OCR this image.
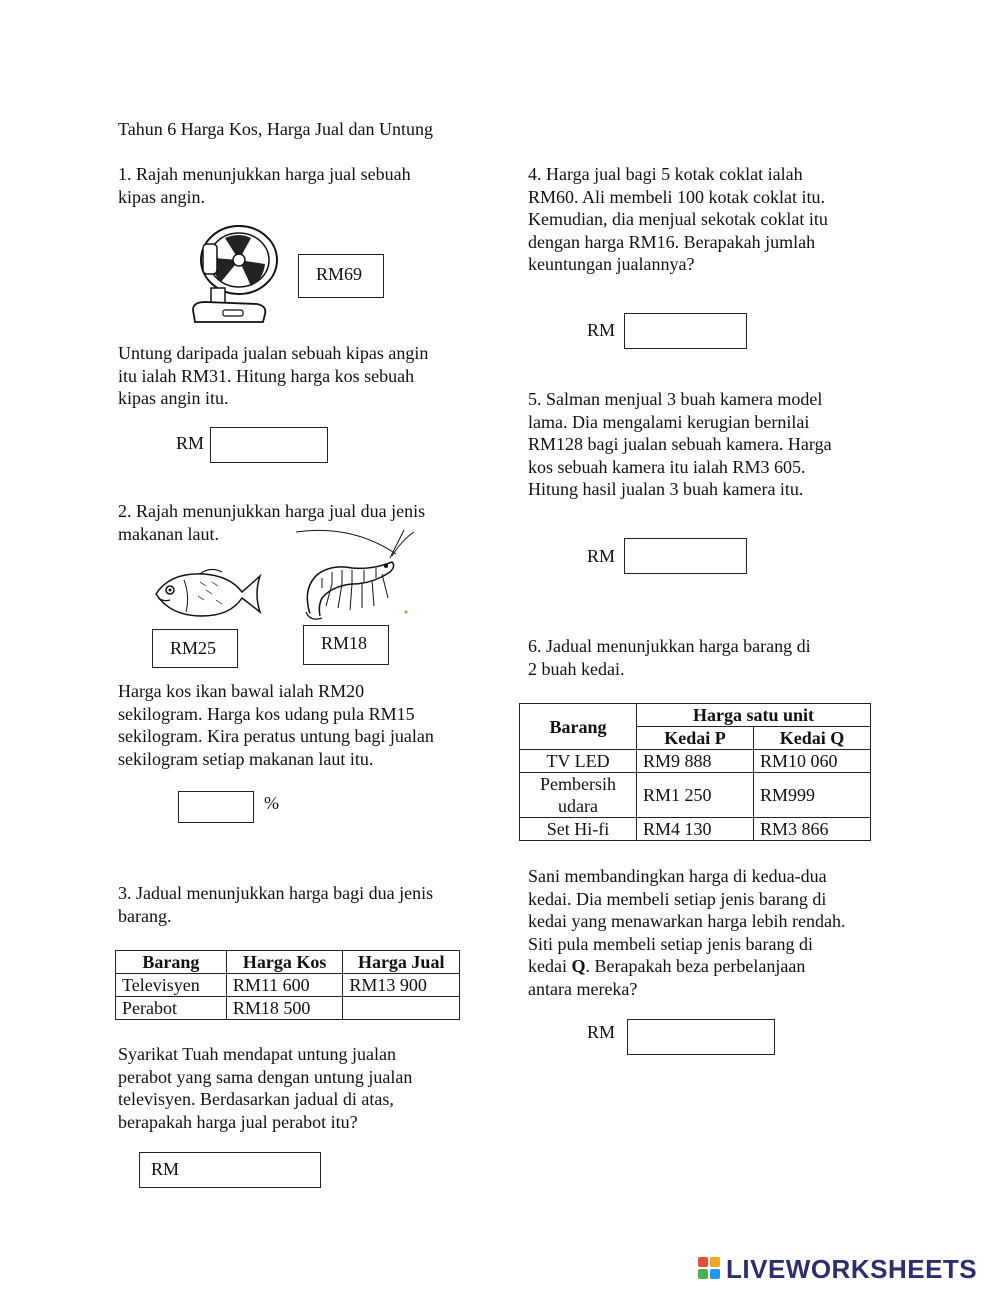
Tahun 6 Harga Kos, Harga Jual dan Untung
1. Rajah menunjukkan harga jual sebuah
kipas angin.
RM69
Untung daripada jualan sebuah kipas angin
itu ialah RM31. Hitung harga kos sebuah
kipas angin itu.
RM
2. Rajah menunjukkan harga jual dua jenis
makanan laut.
RM25	RM18
Harga kos ikan bawal ialah RM20
sekilogram. Harga kos udang pula RM15
sekilogram. Kira peratus untung bagi jualan
sekilogram setiap makanan laut itu.
%
3. Jadual menunjukkan harga bagi dua jenis
barang.
Barang	Harga Kos	Harga Jual
Televisyen	RM11 600	RM13 900
Perabot	RM18 500	
Syarikat Tuah mendapat untung jualan
perabot yang sama dengan untung jualan
televisyen. Berdasarkan jadual di atas,
berapakah harga jual perabot itu?
RM
4. Harga jual bagi 5 kotak coklat ialah
RM60. Ali membeli 100 kotak coklat itu.
Kemudian, dia menjual sekotak coklat itu
dengan harga RM16. Berapakah jumlah
keuntungan jualannya?
RM
5. Salman menjual 3 buah kamera model
lama. Dia mengalami kerugian bernilai
RM128 bagi jualan sebuah kamera. Harga
kos sebuah kamera itu ialah RM3 605.
Hitung hasil jualan 3 buah kamera itu.
RM
6. Jadual menunjukkan harga barang di
2 buah kedai.
Barang	Harga satu unit	
	Kedai P	Kedai Q
TV LED	RM9 888	RM10 060
Pembersih
udara	RM1 250	RM999
Set Hi-fi	RM4 130	RM3 866
Sani membandingkan harga di kedua-dua
kedai. Dia membeli setiap jenis barang di
kedai yang menawarkan harga lebih rendah.
Siti pula membeli setiap jenis barang di
kedai Q. Berapakah beza perbelanjaan
antara mereka?
RM
LIVEWORKSHEETS
